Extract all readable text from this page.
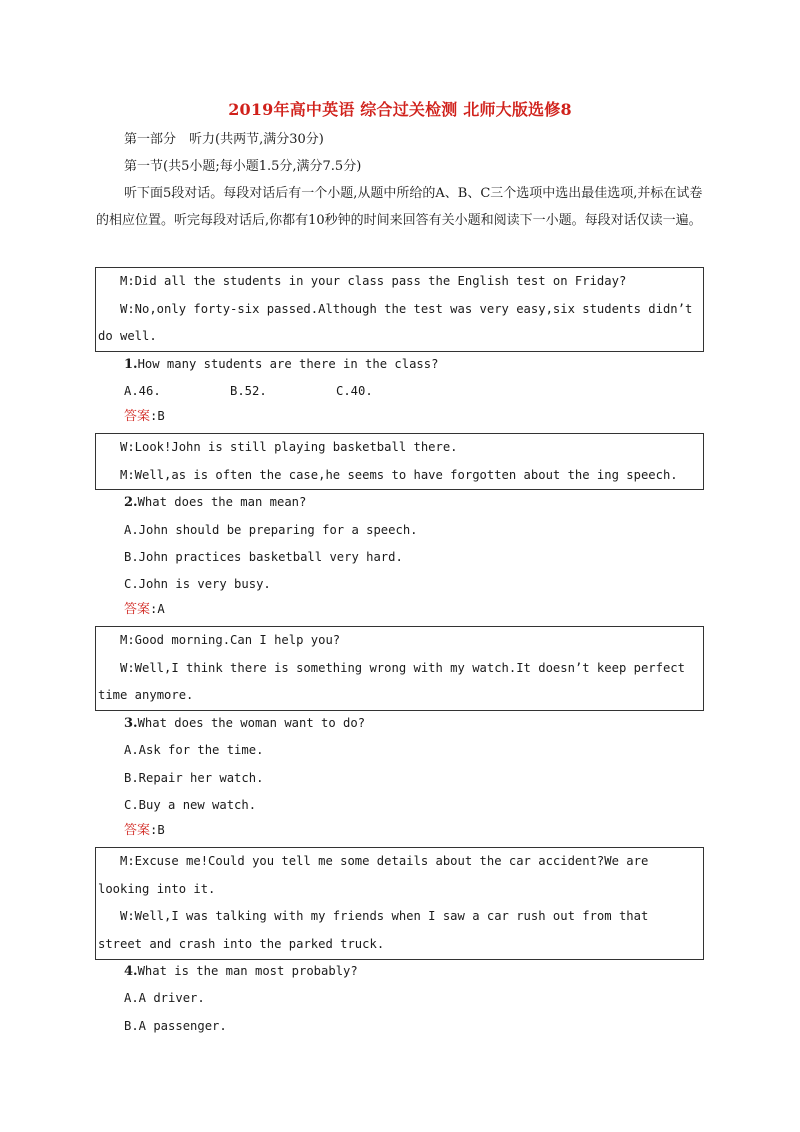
2019年高中英语 综合过关检测 北师大版选修8
第一部分　听力(共两节,满分30分)
第一节(共5小题;每小题1.5分,满分7.5分)
听下面5段对话。每段对话后有一个小题,从题中所给的A、B、C三个选项中选出最佳选项,并标在试卷的相应位置。听完每段对话后,你都有10秒钟的时间来回答有关小题和阅读下一小题。每段对话仅读一遍。
M:Did all the students in your class pass the English test on Friday?
W:No,only forty-six passed.Although the test was very easy,six students didn’t do well.
1.How many students are there in the class?
A.46.	B.52.	C.40.
答案:B
W:Look!John is still playing basketball there.
M:Well,as is often the case,he seems to have forgotten about the ing speech.
2.What does the man mean?
A.John should be preparing for a speech.
B.John practices basketball very hard.
C.John is very busy.
答案:A
M:Good morning.Can I help you?
W:Well,I think there is something wrong with my watch.It doesn’t keep perfect time anymore.
3.What does the woman want to do?
A.Ask for the time.
B.Repair her watch.
C.Buy a new watch.
答案:B
M:Excuse me!Could you tell me some details about the car accident?We are looking into it.
W:Well,I was talking with my friends when I saw a car rush out from that street and crash into the parked truck.
4.What is the man most probably?
A.A driver.
B.A passenger.
